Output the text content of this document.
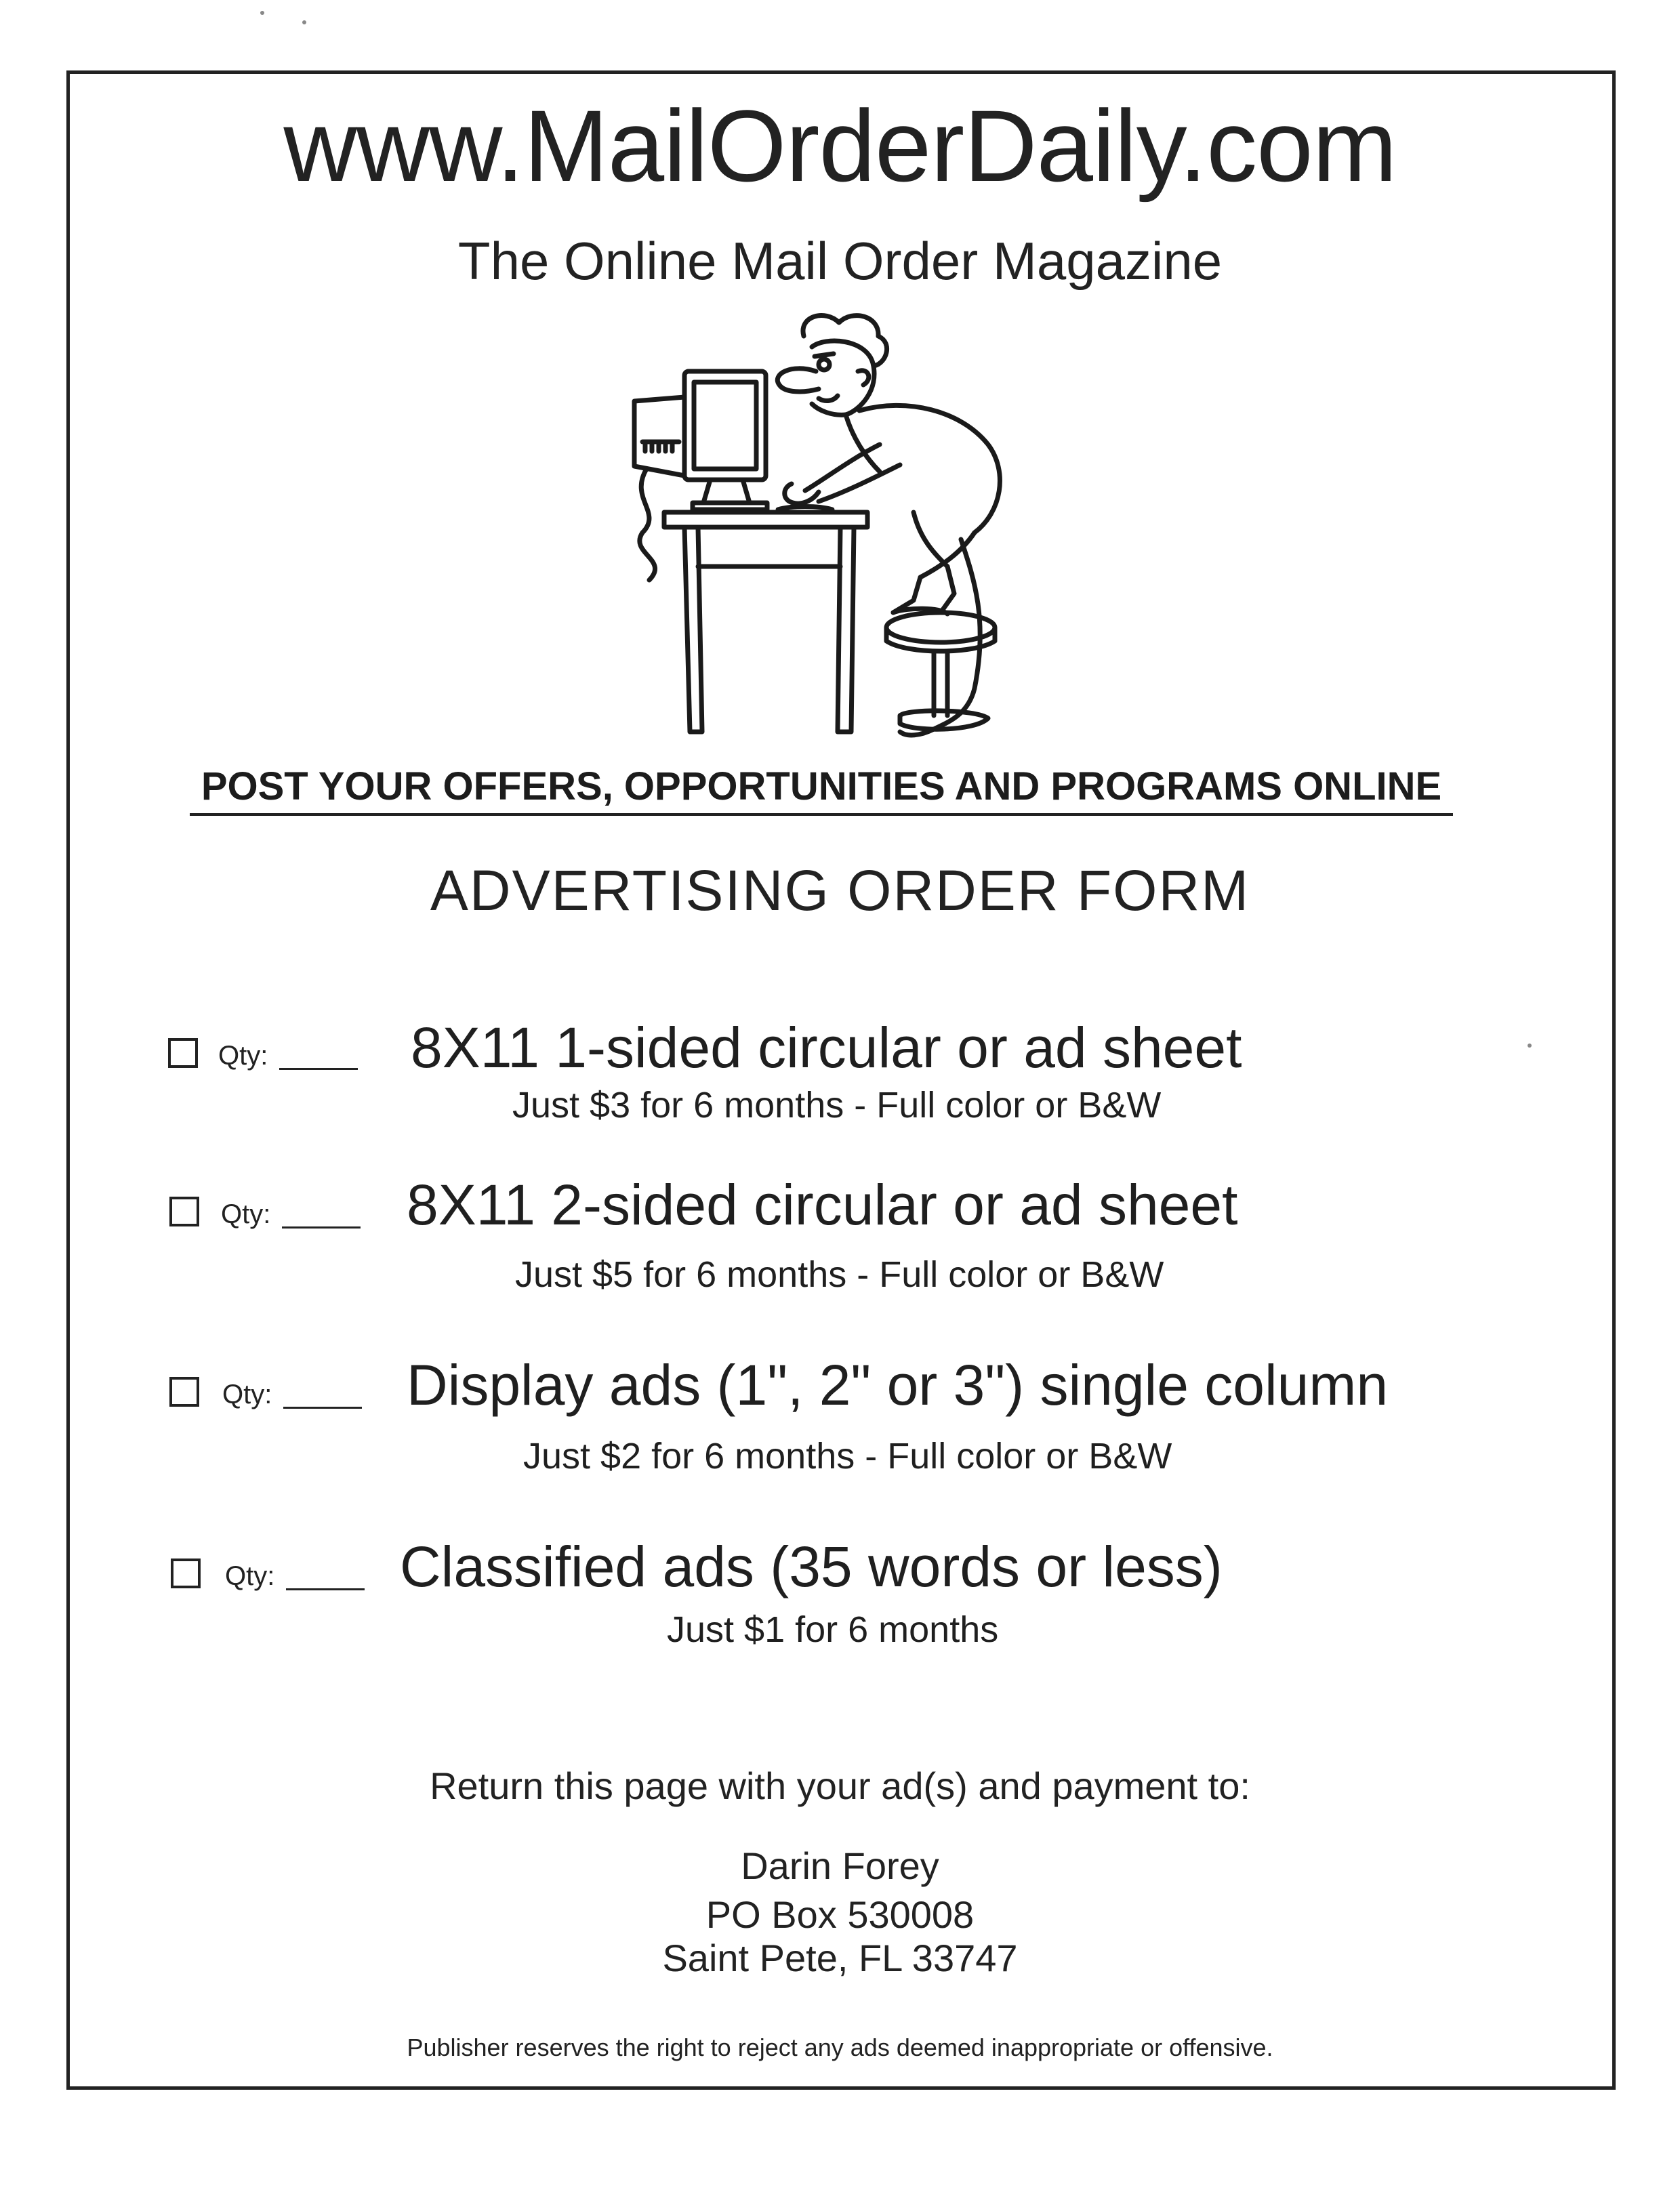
www.MailOrderDaily.com
The Online Mail Order Magazine
POST YOUR OFFERS, OPPORTUNITIES AND PROGRAMS ONLINE
ADVERTISING ORDER FORM
Qty:	8X11 1-sided circular or ad sheet
Just $3 for 6 months - Full color or B&W
Qty: 8X11 2-sided circular or ad sheet
Just $5 for 6 months - Full color or B&W
Qty: Display ads (1", 2" or 3") single column
Just $2 for 6 months - Full color or B&W
Qty: Classified ads (35 words or less)
Just $1 for 6 months
Return this page with your ad(s) and payment to:
Darin Forey
PO Box 530008
Saint Pete, FL 33747
Publisher reserves the right to reject any ads deemed inappropriate or offensive.
